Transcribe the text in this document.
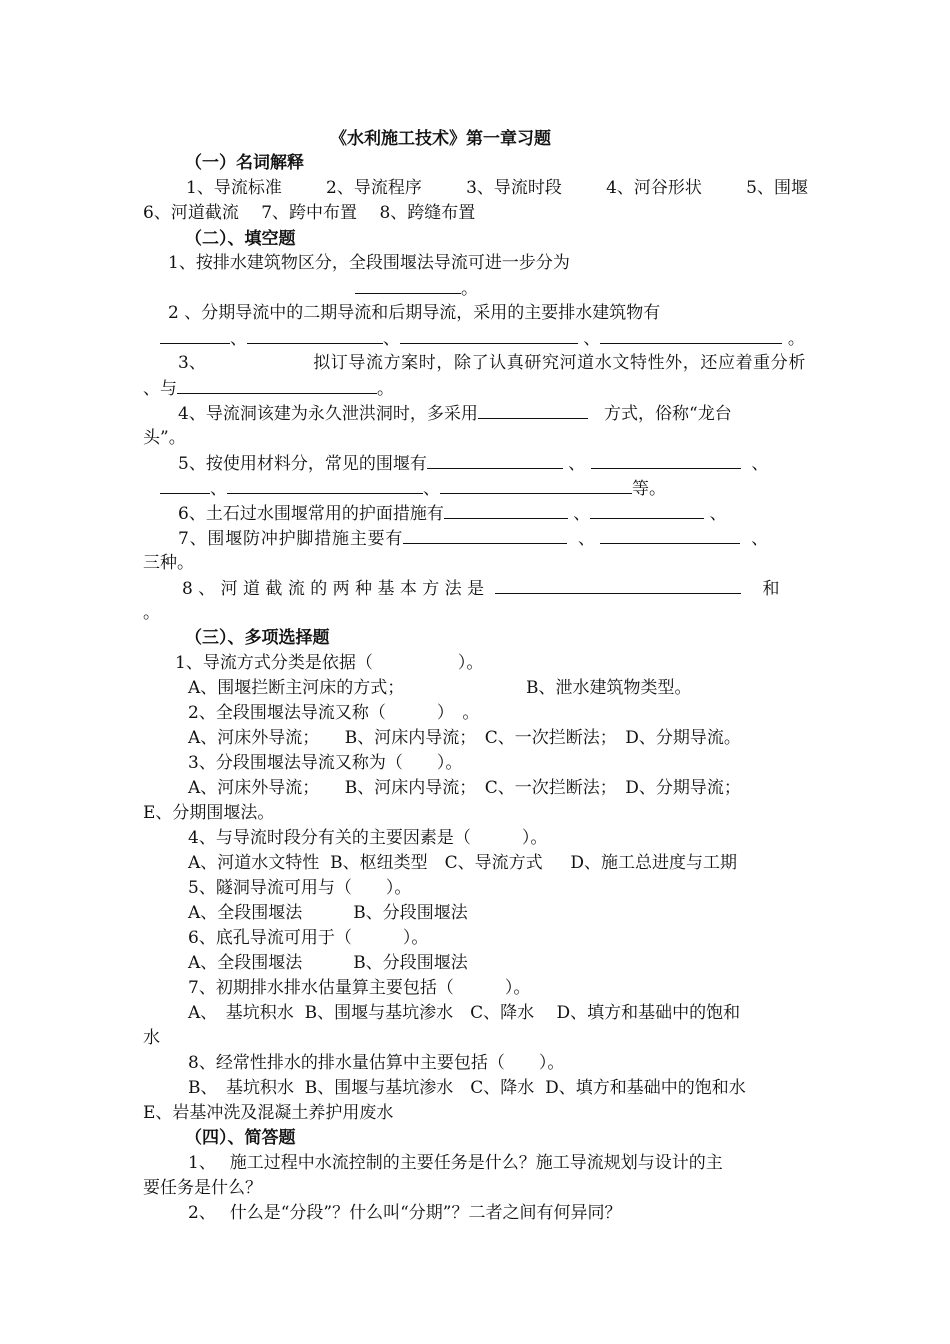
《水利施工技术》第一章习题
（一）名词解释
1、导流标准	2、导流程序	3、导流时段	4、河谷形状	5、围堰
6、河道截流　 7、跨中布置　 8、跨缝布置
（二）、填空题
1、按排水建筑物区分，全段围堰法导流可进一步分为
。
2 、分期导流中的二期导流和后期导流，采用的主要排水建筑物有
、	、	、	。
3、	拟订导流方案时，除了认真研究河道水文特性外，还应着重分析
、与	。
4、导流洞该建为永久泄洪洞时，多采用	方式，俗称“龙台
头”。
5、按使用材料分，常见的围堰有	、	、
、	、	等。
6、土石过水围堰常用的护面措施有	、	、
7、围堰防冲护脚措施主要有	、	、
三种。
8 、 河 道 截 流 的 两 种 基 本 方 法 是	和
。
（三）、多项选择题
1、导流方式分类是依据（　　　　　）。
A、围堰拦断主河床的方式；	B、泄水建筑物类型。
2、全段围堰法导流又称（　　　）　。
A、河床外导流；　　B、河床内导流；　C、一次拦断法；　D、分期导流。
3、分段围堰法导流又称为（　　）。
A、河床外导流；　　B、河床内导流；　C、一次拦断法；　D、分期导流；
E、分期围堰法。
4、与导流时段分有关的主要因素是（　　　）。
A、河道水文特性  B、枢纽类型　C、导流方式　  D、施工总进度与工期
5、隧洞导流可用与（　　）。
A、全段围堰法　　　B、分段围堰法
6、底孔导流可用于（　　　）。
A、全段围堰法　　　B、分段围堰法
7、初期排水排水估量算主要包括（　　　）。
A、　基坑积水  B、围堰与基坑渗水　C、降水　 D、填方和基础中的饱和
水
8、经常性排水的排水量估算中主要包括（　　）。
B、　基坑积水  B、围堰与基坑渗水　C、降水  D、填方和基础中的饱和水
E、岩基冲洗及混凝土养护用废水
（四）、简答题
1、　 施工过程中水流控制的主要任务是什么？施工导流规划与设计的主
要任务是什么？
2、　 什么是“分段”？什么叫“分期”？二者之间有何异同？
